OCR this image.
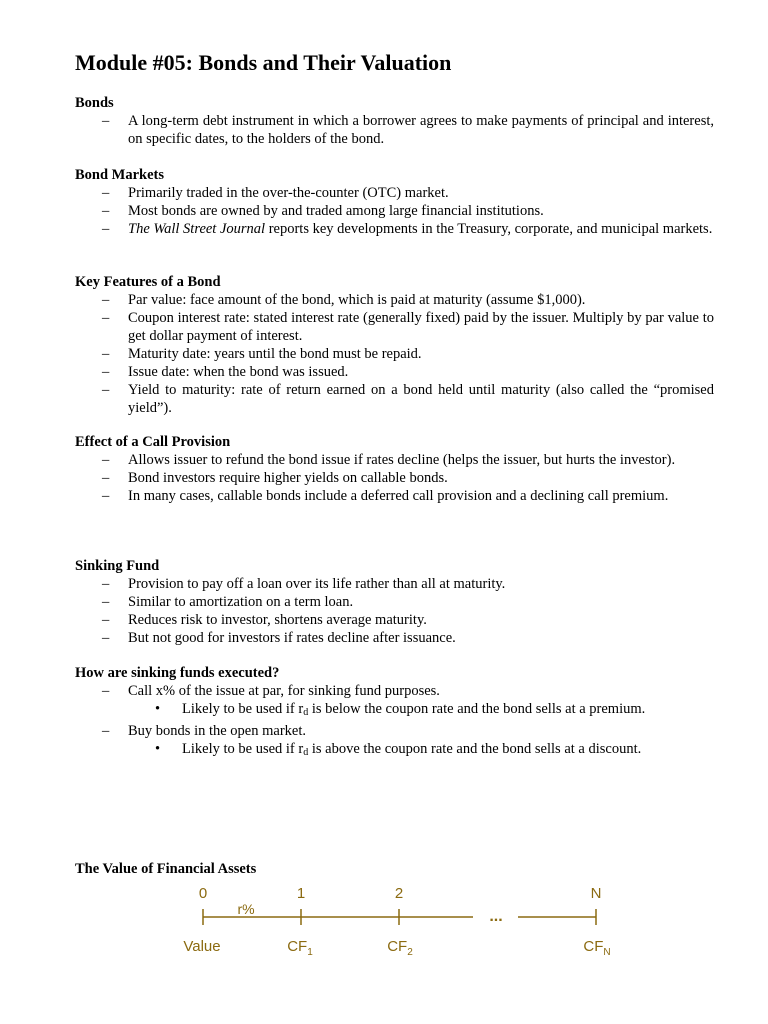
Module #05: Bonds and Their Valuation
Bonds
– A long-term debt instrument in which a borrower agrees to make payments of principal and interest, on specific dates, to the holders of the bond.
Bond Markets
– Primarily traded in the over-the-counter (OTC) market.
– Most bonds are owned by and traded among large financial institutions.
– The Wall Street Journal reports key developments in the Treasury, corporate, and municipal markets.
Key Features of a Bond
– Par value: face amount of the bond, which is paid at maturity (assume $1,000).
– Coupon interest rate: stated interest rate (generally fixed) paid by the issuer. Multiply by par value to get dollar payment of interest.
– Maturity date: years until the bond must be repaid.
– Issue date: when the bond was issued.
– Yield to maturity: rate of return earned on a bond held until maturity (also called the “promised yield”).
Effect of a Call Provision
– Allows issuer to refund the bond issue if rates decline (helps the issuer, but hurts the investor).
– Bond investors require higher yields on callable bonds.
– In many cases, callable bonds include a deferred call provision and a declining call premium.
Sinking Fund
– Provision to pay off a loan over its life rather than all at maturity.
– Similar to amortization on a term loan.
– Reduces risk to investor, shortens average maturity.
– But not good for investors if rates decline after issuance.
How are sinking funds executed?
– Call x% of the issue at par, for sinking fund purposes.
• Likely to be used if rd is below the coupon rate and the bond sells at a premium.
– Buy bonds in the open market.
• Likely to be used if rd is above the coupon rate and the bond sells at a discount.
The Value of Financial Assets
0	1	2	N
r%	...
Value	$CF_1$	$CF_2$	$CF_N$
